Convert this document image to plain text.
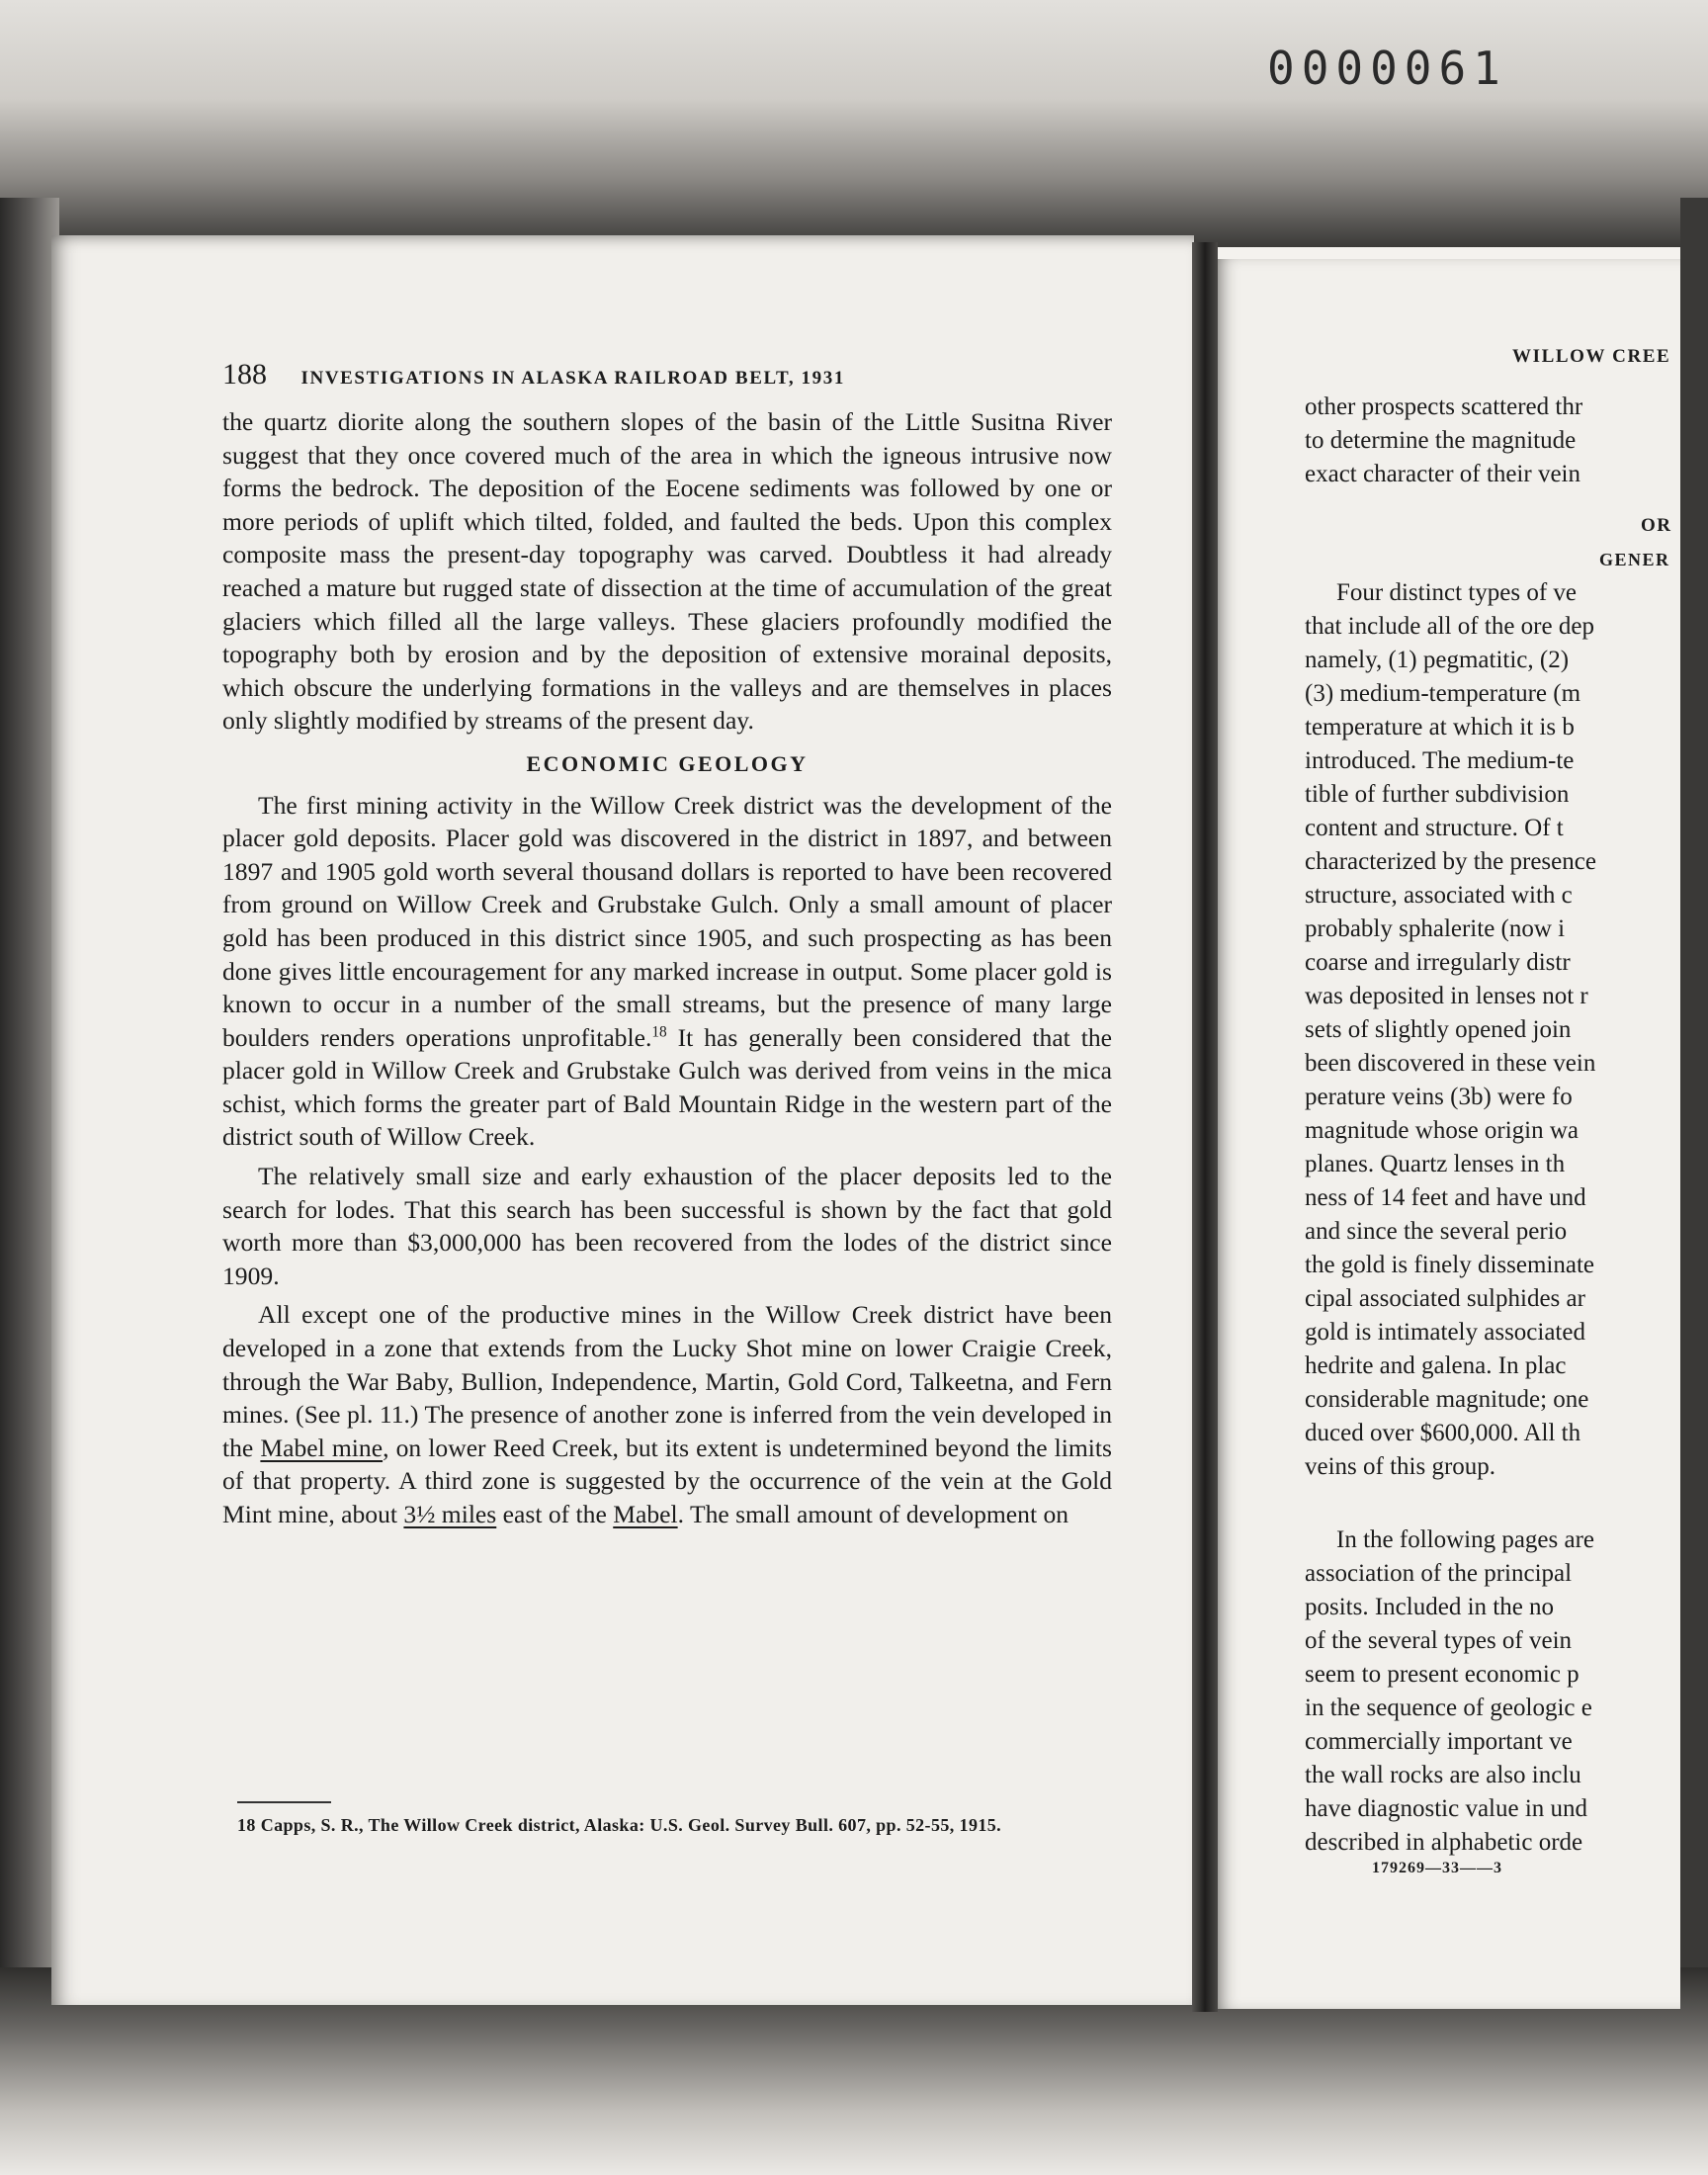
0000061
188 INVESTIGATIONS IN ALASKA RAILROAD BELT, 1931

the quartz diorite along the southern slopes of the basin of the Little Susitna River suggest that they once covered much of the area in which the igneous intrusive now forms the bedrock. The deposition of the Eocene sediments was followed by one or more periods of uplift which tilted, folded, and faulted the beds. Upon this complex composite mass the present-day topography was carved. Doubtless it had already reached a mature but rugged state of dissection at the time of accumulation of the great glaciers which filled all the large valleys. These glaciers profoundly modified the topography both by erosion and by the deposition of extensive morainal deposits, which obscure the underlying formations in the valleys and are themselves in places only slightly modified by streams of the present day.

ECONOMIC GEOLOGY

The first mining activity in the Willow Creek district was the development of the placer gold deposits. Placer gold was discovered in the district in 1897, and between 1897 and 1905 gold worth several thousand dollars is reported to have been recovered from ground on Willow Creek and Grubstake Gulch. Only a small amount of placer gold has been produced in this district since 1905, and such prospecting as has been done gives little encouragement for any marked increase in output. Some placer gold is known to occur in a number of the small streams, but the presence of many large boulders renders operations unprofitable.$^{18}$ It has generally been considered that the placer gold in Willow Creek and Grubstake Gulch was derived from veins in the mica schist, which forms the greater part of Bald Mountain Ridge in the western part of the district south of Willow Creek.

The relatively small size and early exhaustion of the placer deposits led to the search for lodes. That this search has been successful is shown by the fact that gold worth more than $3,000,000 has been recovered from the lodes of the district since 1909.

All except one of the productive mines in the Willow Creek district have been developed in a zone that extends from the Lucky Shot mine on lower Craigie Creek, through the War Baby, Bullion, Independence, Martin, Gold Cord, Talkeetna, and Fern mines. (See pl. 11.) The presence of another zone is inferred from the vein developed in the Mabel mine, on lower Reed Creek, but its extent is undetermined beyond the limits of that property. A third zone is suggested by the occurrence of the vein at the Gold Mint mine, about 3½ miles east of the Mabel. The small amount of development on

18 Capps, S. R., The Willow Creek district, Alaska: U.S. Geol. Survey Bull. 607, pp. 52-55, 1915.
WILLOW CREE
other prospects scattered thr
to determine the magnitude
exact character of their vein
OR
GENER
Four distinct types of ve
that include all of the ore dep
namely, (1) pegmatitic, (2)
(3) medium-temperature (m
temperature at which it is b
introduced. The medium-te
tible of further subdivision
content and structure. Of t
characterized by the presence
structure, associated with c
probably sphalerite (now i
coarse and irregularly distr
was deposited in lenses not r
sets of slightly opened join
been discovered in these vein
perature veins (3b) were fo
magnitude whose origin wa
planes. Quartz lenses in th
ness of 14 feet and have und
and since the several perio
the gold is finely disseminate
cipal associated sulphides ar
gold is intimately associated
hedrite and galena. In plac
considerable magnitude; one
duced over $600,000. All th
veins of this group.
In the following pages are
association of the principal
posits. Included in the no
of the several types of vein
seem to present economic p
in the sequence of geologic e
commercially important ve
the wall rocks are also inclu
have diagnostic value in und
described in alphabetic orde
179269—33——3
